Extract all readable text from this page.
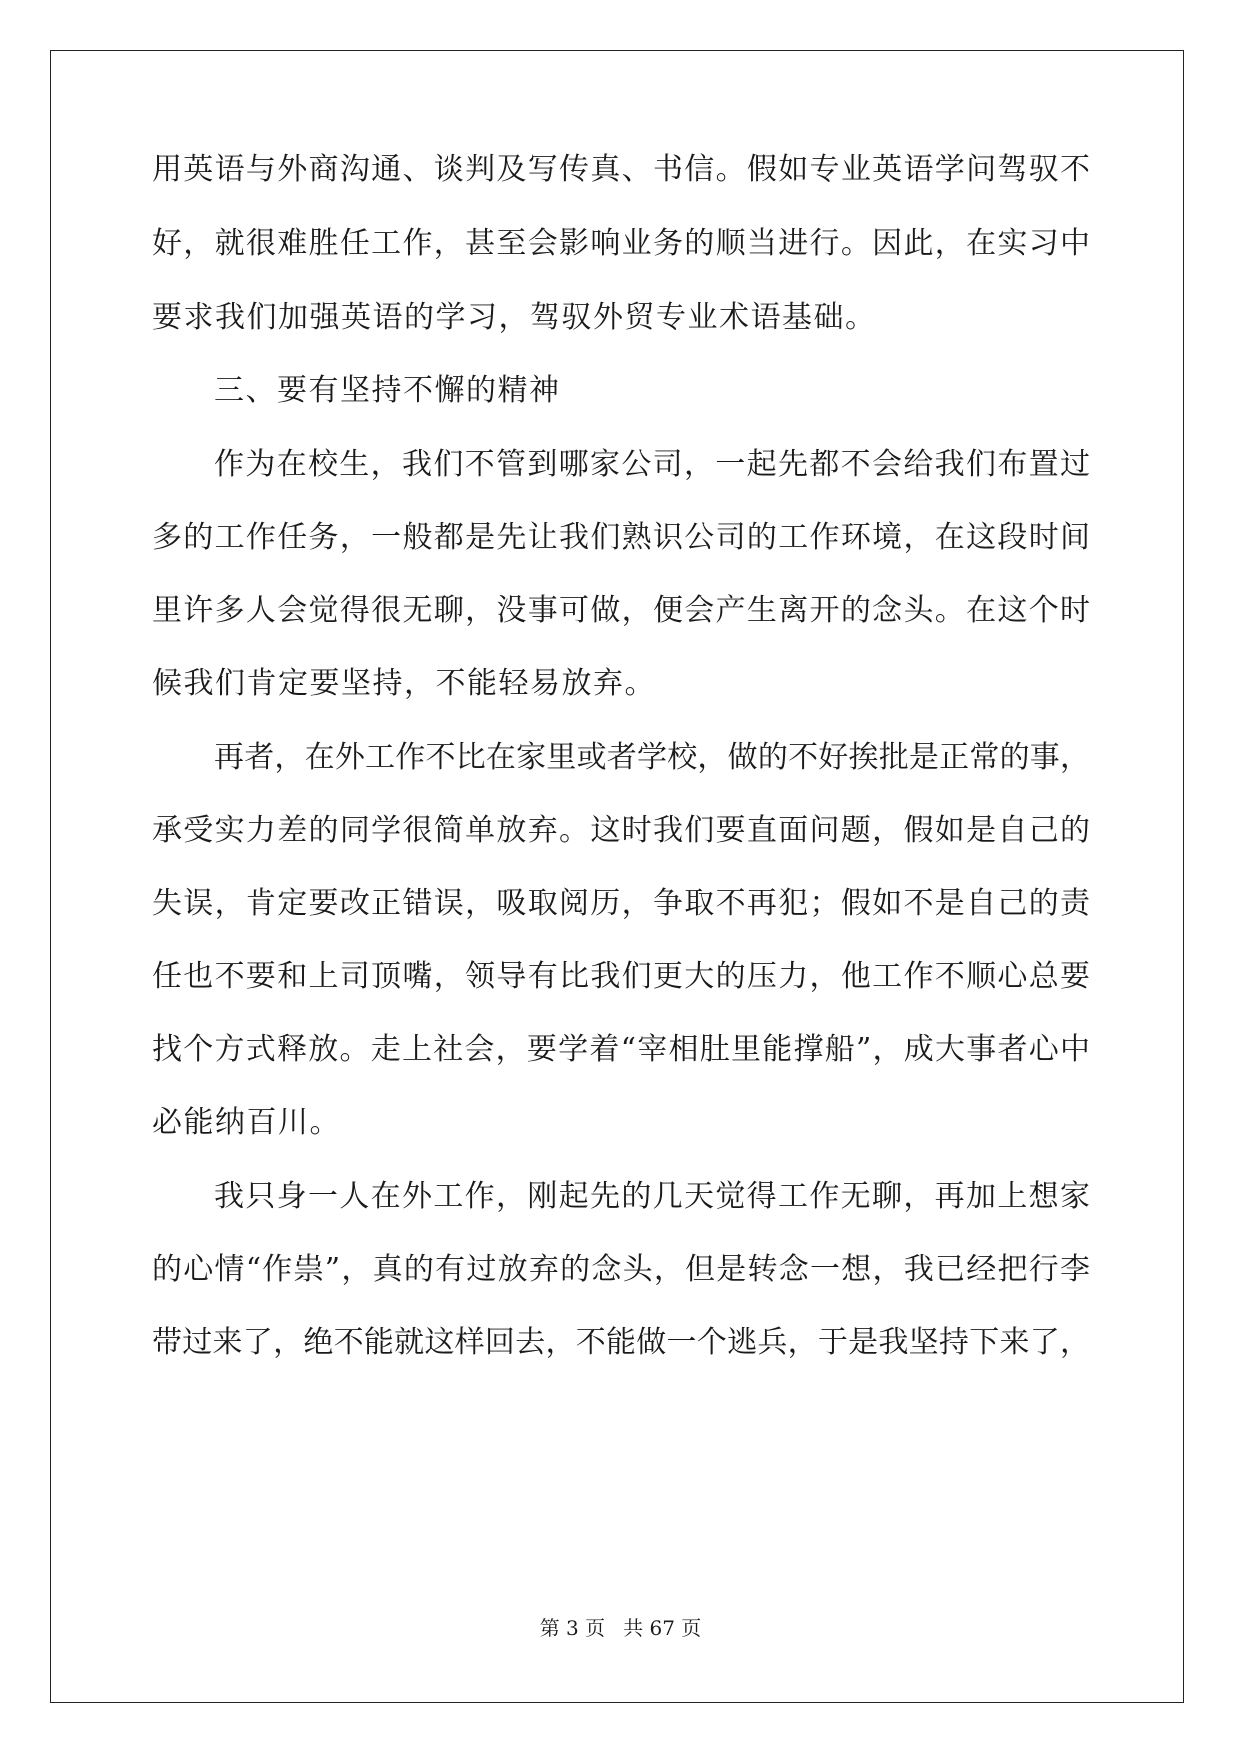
用英语与外商沟通、谈判及写传真、书信。假如专业英语学问驾驭不
好，就很难胜任工作，甚至会影响业务的顺当进行。因此，在实习中
要求我们加强英语的学习，驾驭外贸专业术语基础。
三、要有坚持不懈的精神
作为在校生，我们不管到哪家公司，一起先都不会给我们布置过
多的工作任务，一般都是先让我们熟识公司的工作环境，在这段时间
里许多人会觉得很无聊，没事可做，便会产生离开的念头。在这个时
候我们肯定要坚持，不能轻易放弃。
再者，在外工作不比在家里或者学校，做的不好挨批是正常的事，
承受实力差的同学很简单放弃。这时我们要直面问题，假如是自己的
失误，肯定要改正错误，吸取阅历，争取不再犯；假如不是自己的责
任也不要和上司顶嘴，领导有比我们更大的压力，他工作不顺心总要
找个方式释放。走上社会，要学着“宰相肚里能撑船”，成大事者心中
必能纳百川。
我只身一人在外工作，刚起先的几天觉得工作无聊，再加上想家
的心情“作祟”，真的有过放弃的念头，但是转念一想，我已经把行李
带过来了，绝不能就这样回去，不能做一个逃兵，于是我坚持下来了，
第 3 页 共 67 页
